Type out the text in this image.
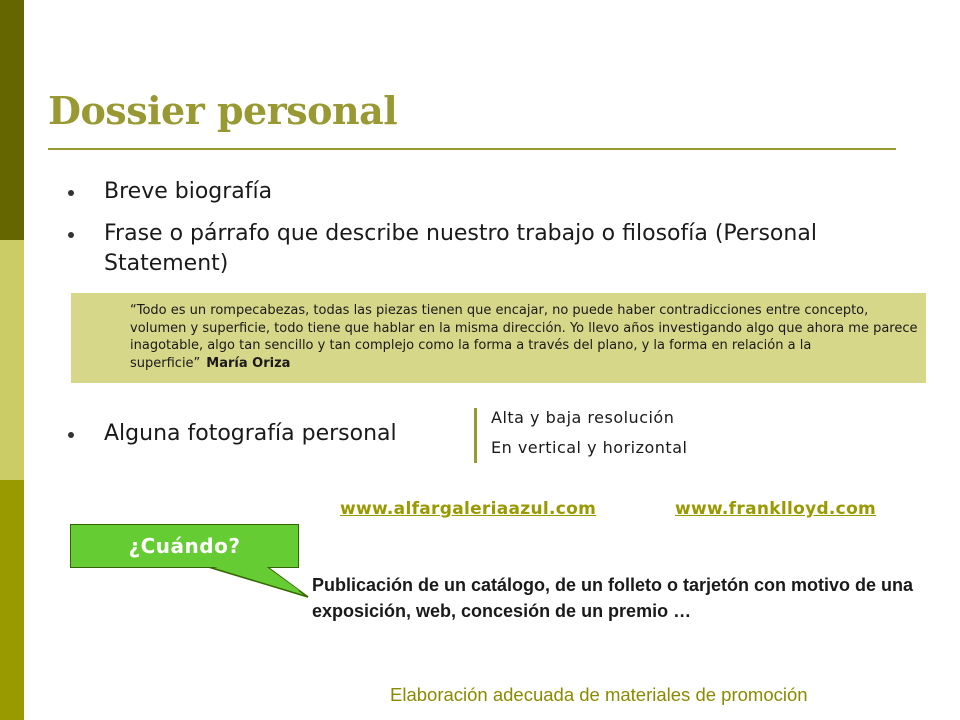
Dossier personal
Breve biografía
Frase o párrafo que describe nuestro trabajo o filosofía (Personal Statement)
“Todo es un rompecabezas, todas las piezas tienen que encajar, no puede haber contradicciones entre concepto, volumen y superficie, todo tiene que hablar en la misma dirección. Yo llevo años investigando algo que ahora me parece inagotable, algo tan sencillo y tan complejo como la forma a través del plano, y la forma en relación a la superficie” María Oriza
Alguna fotografía personal
Alta y baja resolución
En vertical y horizontal
www.alfargaleriaazul.com	www.franklloyd.com
¿Cuándo?
Publicación de un catálogo, de un folleto o tarjetón con motivo de una exposición, web, concesión de un premio …
Elaboración adecuada de materiales de promoción
